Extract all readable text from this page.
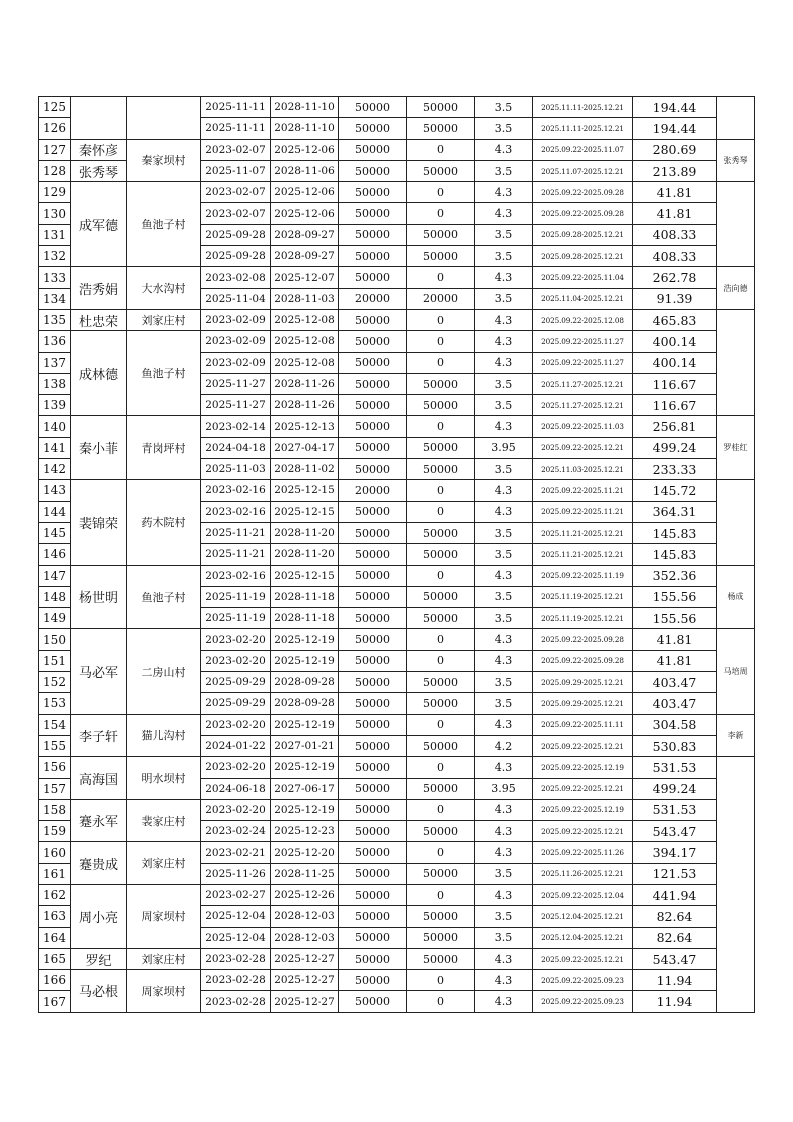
125			2025-11-11	2028-11-10	50000	50000	3.5	2025.11.11-2025.12.21	194.44	
126			2025-11-11	2028-11-10	50000	50000	3.5	2025.11.11-2025.12.21	194.44	
127	秦怀彦	秦家坝村	2023-02-07	2025-12-06	50000	0	4.3	2025.09.22-2025.11.07	280.69	张秀琴
128	张秀琴		2025-11-07	2028-11-06	50000	50000	3.5	2025.11.07-2025.12.21	213.89	
129	成军德	鱼池子村	2023-02-07	2025-12-06	50000	0	4.3	2025.09.22-2025.09.28	41.81	
130			2023-02-07	2025-12-06	50000	0	4.3	2025.09.22-2025.09.28	41.81	
131			2025-09-28	2028-09-27	50000	50000	3.5	2025.09.28-2025.12.21	408.33	
132			2025-09-28	2028-09-27	50000	50000	3.5	2025.09.28-2025.12.21	408.33	
133	浩秀娟	大水沟村	2023-02-08	2025-12-07	50000	0	4.3	2025.09.22-2025.11.04	262.78	浩向德
134			2025-11-04	2028-11-03	20000	20000	3.5	2025.11.04-2025.12.21	91.39	
135	杜忠荣	刘家庄村	2023-02-09	2025-12-08	50000	0	4.3	2025.09.22-2025.12.08	465.83	
136	成林德	鱼池子村	2023-02-09	2025-12-08	50000	0	4.3	2025.09.22-2025.11.27	400.14	
137			2023-02-09	2025-12-08	50000	0	4.3	2025.09.22-2025.11.27	400.14	
138			2025-11-27	2028-11-26	50000	50000	3.5	2025.11.27-2025.12.21	116.67	
139			2025-11-27	2028-11-26	50000	50000	3.5	2025.11.27-2025.12.21	116.67	
140	秦小菲	青岗坪村	2023-02-14	2025-12-13	50000	0	4.3	2025.09.22-2025.11.03	256.81	罗桂红
141			2024-04-18	2027-04-17	50000	50000	3.95	2025.09.22-2025.12.21	499.24	
142			2025-11-03	2028-11-02	50000	50000	3.5	2025.11.03-2025.12.21	233.33	
143	裴锦荣	药木院村	2023-02-16	2025-12-15	20000	0	4.3	2025.09.22-2025.11.21	145.72	
144			2023-02-16	2025-12-15	50000	0	4.3	2025.09.22-2025.11.21	364.31	
145			2025-11-21	2028-11-20	50000	50000	3.5	2025.11.21-2025.12.21	145.83	
146			2025-11-21	2028-11-20	50000	50000	3.5	2025.11.21-2025.12.21	145.83	
147	杨世明	鱼池子村	2023-02-16	2025-12-15	50000	0	4.3	2025.09.22-2025.11.19	352.36	杨成
148			2025-11-19	2028-11-18	50000	50000	3.5	2025.11.19-2025.12.21	155.56	
149			2025-11-19	2028-11-18	50000	50000	3.5	2025.11.19-2025.12.21	155.56	
150	马必军	二房山村	2023-02-20	2025-12-19	50000	0	4.3	2025.09.22-2025.09.28	41.81	马培周
151			2023-02-20	2025-12-19	50000	0	4.3	2025.09.22-2025.09.28	41.81	
152			2025-09-29	2028-09-28	50000	50000	3.5	2025.09.29-2025.12.21	403.47	
153			2025-09-29	2028-09-28	50000	50000	3.5	2025.09.29-2025.12.21	403.47	
154	李子轩	猫儿沟村	2023-02-20	2025-12-19	50000	0	4.3	2025.09.22-2025.11.11	304.58	李新
155			2024-01-22	2027-01-21	50000	50000	4.2	2025.09.22-2025.12.21	530.83	
156	高海国	明水坝村	2023-02-20	2025-12-19	50000	0	4.3	2025.09.22-2025.12.19	531.53	
157			2024-06-18	2027-06-17	50000	50000	3.95	2025.09.22-2025.12.21	499.24	
158	蹇永军	裴家庄村	2023-02-20	2025-12-19	50000	0	4.3	2025.09.22-2025.12.19	531.53	
159			2023-02-24	2025-12-23	50000	50000	4.3	2025.09.22-2025.12.21	543.47	
160	蹇贵成	刘家庄村	2023-02-21	2025-12-20	50000	0	4.3	2025.09.22-2025.11.26	394.17	
161			2025-11-26	2028-11-25	50000	50000	3.5	2025.11.26-2025.12.21	121.53	
162	周小亮	周家坝村	2023-02-27	2025-12-26	50000	0	4.3	2025.09.22-2025.12.04	441.94	
163			2025-12-04	2028-12-03	50000	50000	3.5	2025.12.04-2025.12.21	82.64	
164			2025-12-04	2028-12-03	50000	50000	3.5	2025.12.04-2025.12.21	82.64	
165	罗纪	刘家庄村	2023-02-28	2025-12-27	50000	50000	4.3	2025.09.22-2025.12.21	543.47	
166	马必根	周家坝村	2023-02-28	2025-12-27	50000	0	4.3	2025.09.22-2025.09.23	11.94	
167			2023-02-28	2025-12-27	50000	0	4.3	2025.09.22-2025.09.23	11.94	
